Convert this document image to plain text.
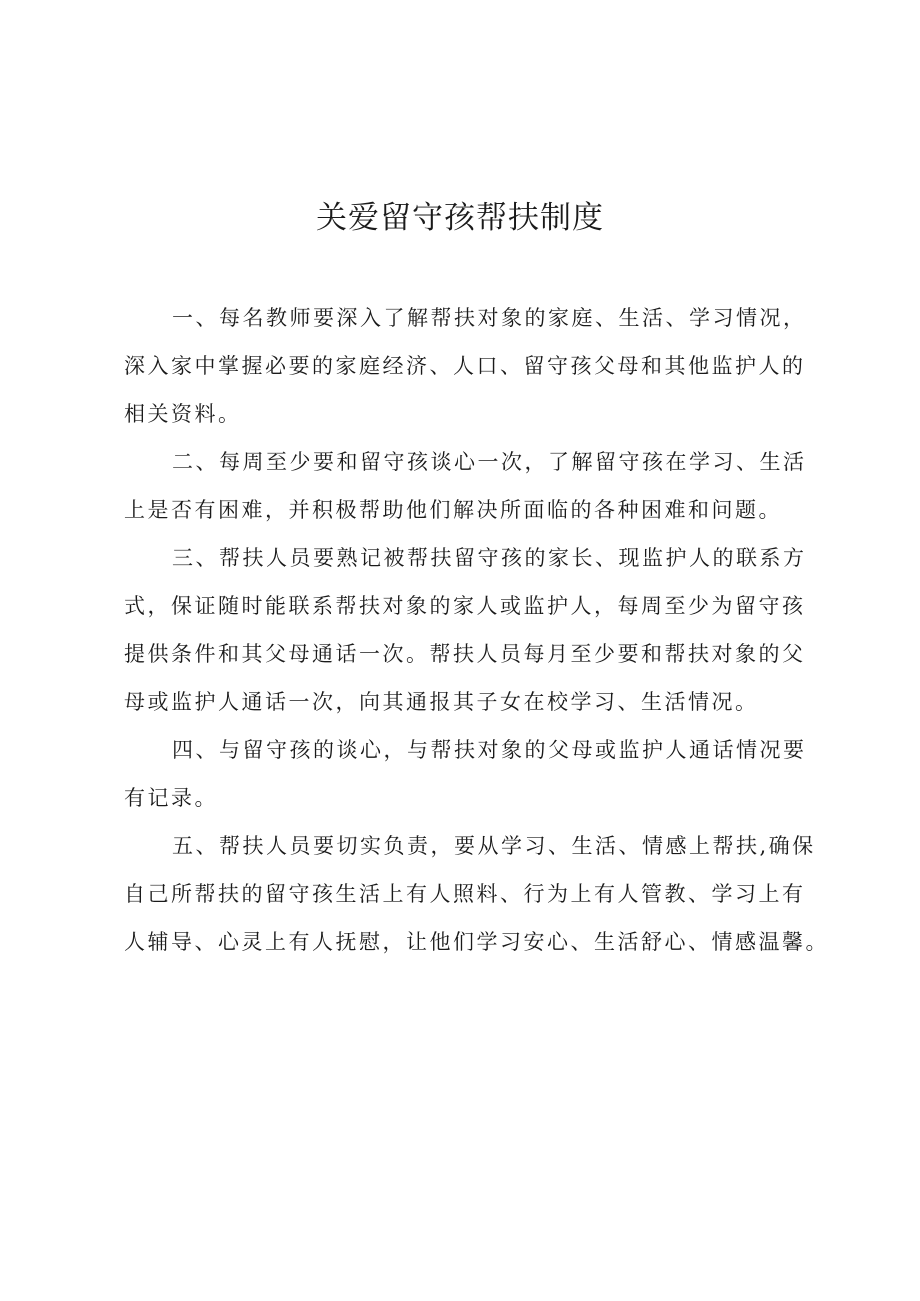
关爱留守孩帮扶制度

一、每名教师要深入了解帮扶对象的家庭、生活、学习情况，
深入家中掌握必要的家庭经济、人口、留守孩父母和其他监护人的
相关资料。

二、每周至少要和留守孩谈心一次，了解留守孩在学习、生活
上是否有困难，并积极帮助他们解决所面临的各种困难和问题。

三、帮扶人员要熟记被帮扶留守孩的家长、现监护人的联系方
式，保证随时能联系帮扶对象的家人或监护人，每周至少为留守孩
提供条件和其父母通话一次。帮扶人员每月至少要和帮扶对象的父
母或监护人通话一次，向其通报其子女在校学习、生活情况。

四、与留守孩的谈心，与帮扶对象的父母或监护人通话情况要
有记录。

五、帮扶人员要切实负责，要从学习、生活、情感上帮扶,确保
自己所帮扶的留守孩生活上有人照料、行为上有人管教、学习上有
人辅导、心灵上有人抚慰，让他们学习安心、生活舒心、情感温馨。
